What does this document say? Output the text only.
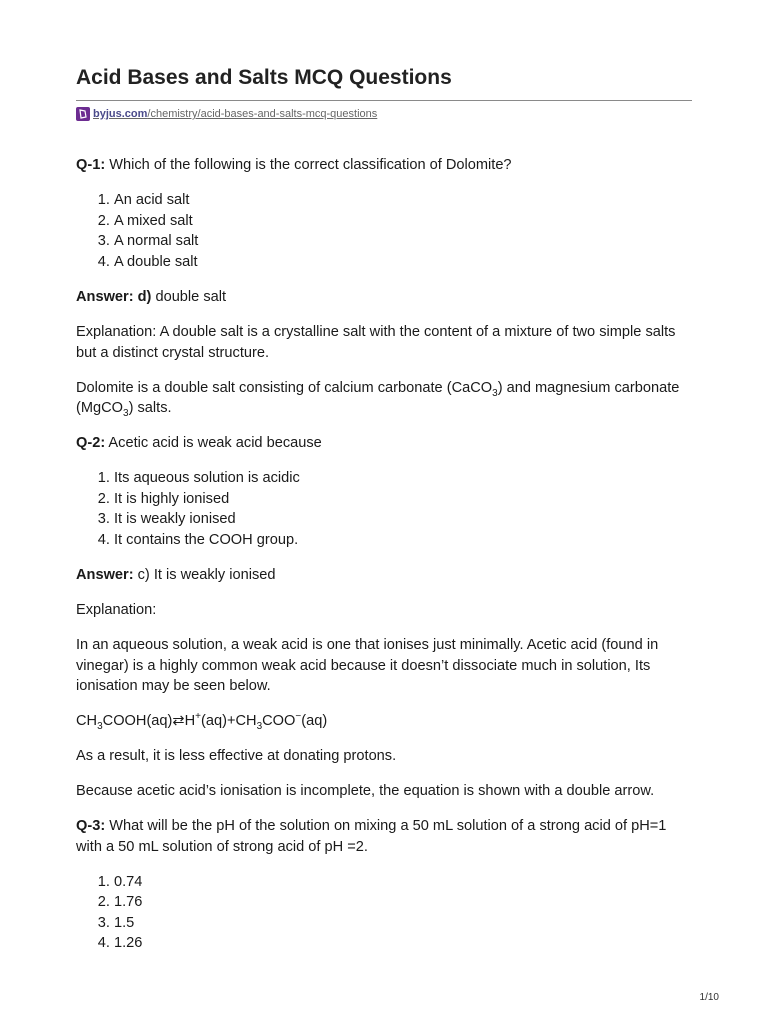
Acid Bases and Salts MCQ Questions
byjus.com/chemistry/acid-bases-and-salts-mcq-questions

Q-1: Which of the following is the correct classification of Dolomite?

1. An acid salt
2. A mixed salt
3. A normal salt
4. A double salt

Answer: d) double salt

Explanation: A double salt is a crystalline salt with the content of a mixture of two simple salts but a distinct crystal structure.

Dolomite is a double salt consisting of calcium carbonate (CaCO$_3$) and magnesium carbonate (MgCO$_3$) salts.

Q-2: Acetic acid is weak acid because

1. Its aqueous solution is acidic
2. It is highly ionised
3. It is weakly ionised
4. It contains the COOH group.

Answer: c) It is weakly ionised

Explanation:

In an aqueous solution, a weak acid is one that ionises just minimally. Acetic acid (found in vinegar) is a highly common weak acid because it doesn’t dissociate much in solution, Its ionisation may be seen below.

$CH_3COOH(aq)⇄H^+(aq)+CH_3COO^-(aq)$

As a result, it is less effective at donating protons.

Because acetic acid’s ionisation is incomplete, the equation is shown with a double arrow.

Q-3: What will be the pH of the solution on mixing a 50 mL solution of a strong acid of pH=1 with a 50 mL solution of strong acid of pH =2.

1. 0.74
2. 1.76
3. 1.5
4. 1.26
1/10
